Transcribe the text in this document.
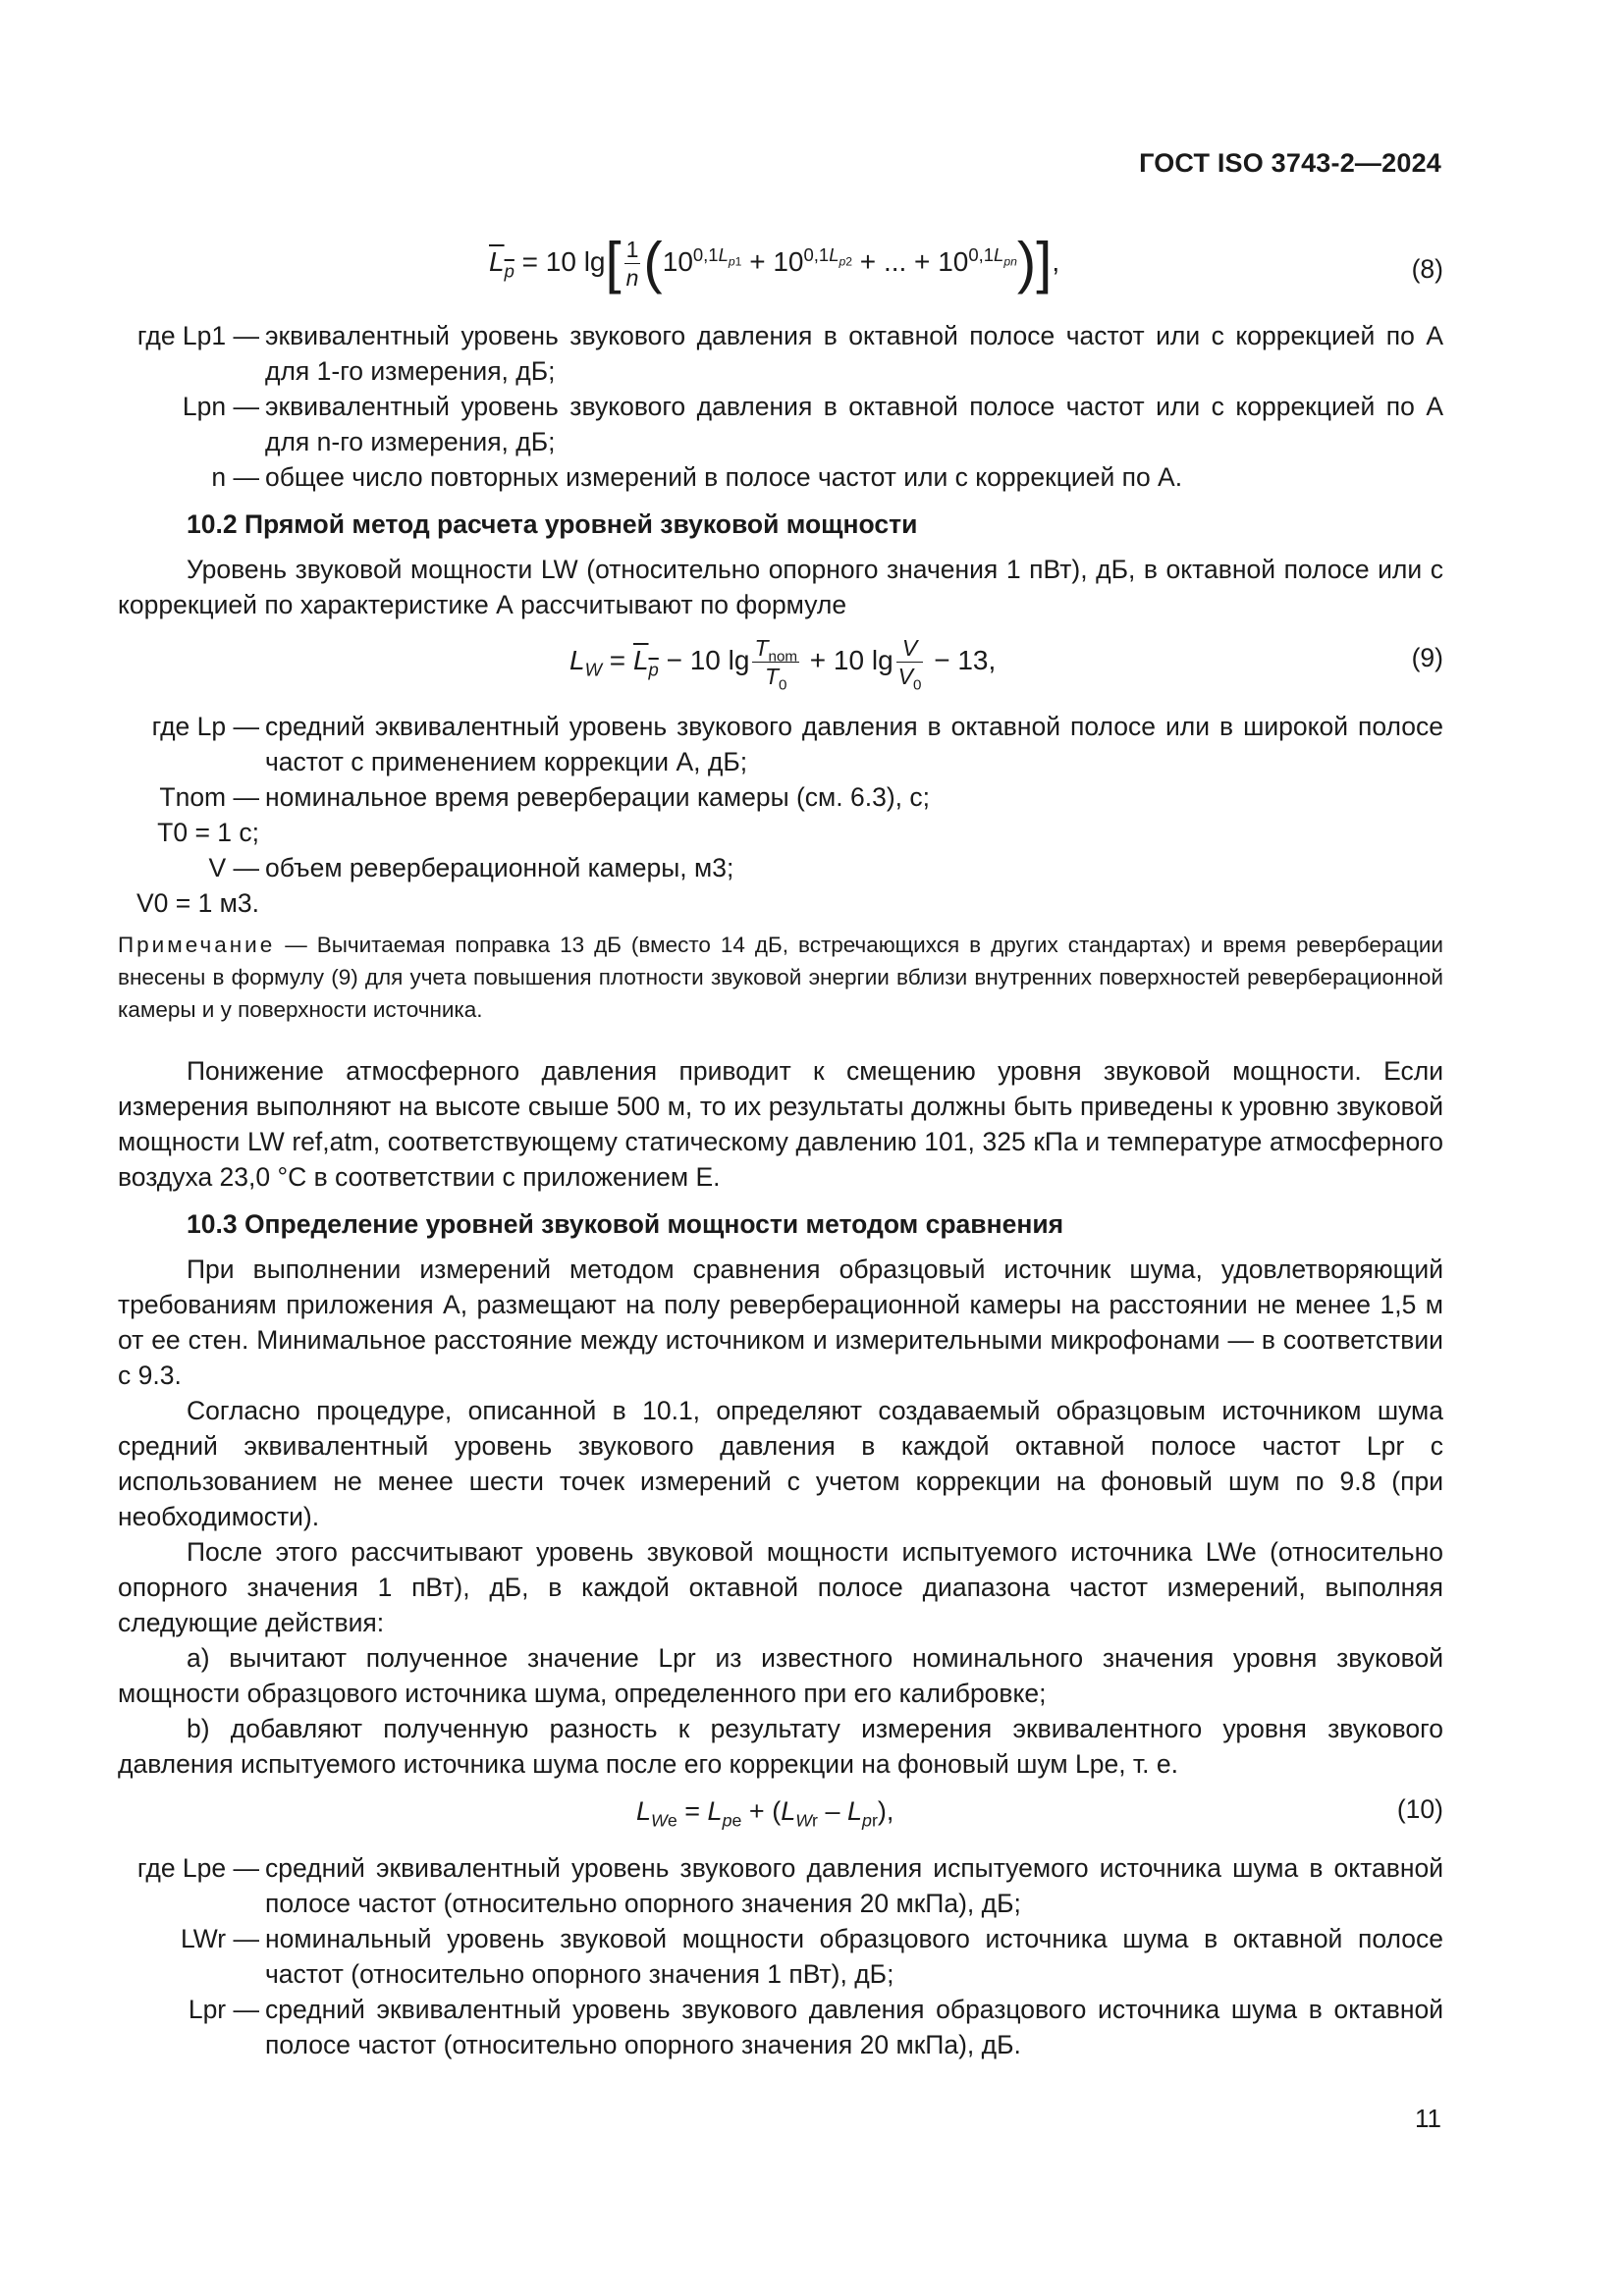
ГОСТ ISO 3743-2—2024
$L_p = 10$ $\lg[ \frac{1}{n} (10^{0,1L_{p1}} + 10^{0,1L_{p2}}$ + ... + $10^{0,1L_{pn}}$)],	(8)
где Lp1 — эквивалентный уровень звукового давления в октавной полосе частот или с коррекцией по А для 1-го измерения, дБ;
Lpn — эквивалентный уровень звукового давления в октавной полосе частот или с коррекцией по А для n-го измерения, дБ;
n — общее число повторных измерений в полосе частот или с коррекцией по А.
10.2 Прямой метод расчета уровней звуковой мощности

Уровень звуковой мощности LW (относительно опорного значения 1 пВт), дБ, в октавной полосе или с коррекцией по характеристике А рассчитывают по формуле

$L_W = L_p - 10$ $\lg \frac{T_{nom}}{T_0} + 10$ $\lg \frac{V}{V_0} - 13$,	(9)
где Lp — средний эквивалентный уровень звукового давления в октавной полосе или в широкой полосе частот с применением коррекции А, дБ;
Tnom — номинальное время реверберации камеры (см. 6.3), с;
T0 = 1 с;
V — объем реверберационной камеры, м3;
V0 = 1 м3.
Примечание — Вычитаемая поправка 13 дБ (вместо 14 дБ, встречающихся в других стандартах) и время реверберации внесены в формулу (9) для учета повышения плотности звуковой энергии вблизи внутренних поверхностей реверберационной камеры и у поверхности источника.

Понижение атмосферного давления приводит к смещению уровня звуковой мощности. Если измерения выполняют на высоте свыше 500 м, то их результаты должны быть приведены к уровню звуковой мощности LW ref,atm, соответствующему статическому давлению 101, 325 кПа и температуре атмосферного воздуха 23,0 °С в соответствии с приложением Е.

10.3 Определение уровней звуковой мощности методом сравнения

При выполнении измерений методом сравнения образцовый источник шума, удовлетворяющий требованиям приложения А, размещают на полу реверберационной камеры на расстоянии не менее 1,5 м от ее стен. Минимальное расстояние между источником и измерительными микрофонами — в соответствии с 9.3.

Согласно процедуре, описанной в 10.1, определяют создаваемый образцовым источником шума средний эквивалентный уровень звукового давления в каждой октавной полосе частот Lpr с использованием не менее шести точек измерений с учетом коррекции на фоновый шум по 9.8 (при необходимости).

После этого рассчитывают уровень звуковой мощности испытуемого источника LWe (относительно опорного значения 1 пВт), дБ, в каждой октавной полосе диапазона частот измерений, выполняя следующие действия:

а) вычитают полученное значение Lpr из известного номинального значения уровня звуковой мощности образцового источника шума, определенного при его калибровке;

b) добавляют полученную разность к результату измерения эквивалентного уровня звукового давления испытуемого источника шума после его коррекции на фоновый шум Lpe, т. е.

$L_{We} = L_{pe} + (L_{Wr} - L_{pr})$,	(10)
где Lpe — средний эквивалентный уровень звукового давления испытуемого источника шума в октавной полосе частот (относительно опорного значения 20 мкПа), дБ;
LWr — номинальный уровень звуковой мощности образцового источника шума в октавной полосе частот (относительно опорного значения 1 пВт), дБ;
Lpr — средний эквивалентный уровень звукового давления образцового источника шума в октавной полосе частот (относительно опорного значения 20 мкПа), дБ.
11
